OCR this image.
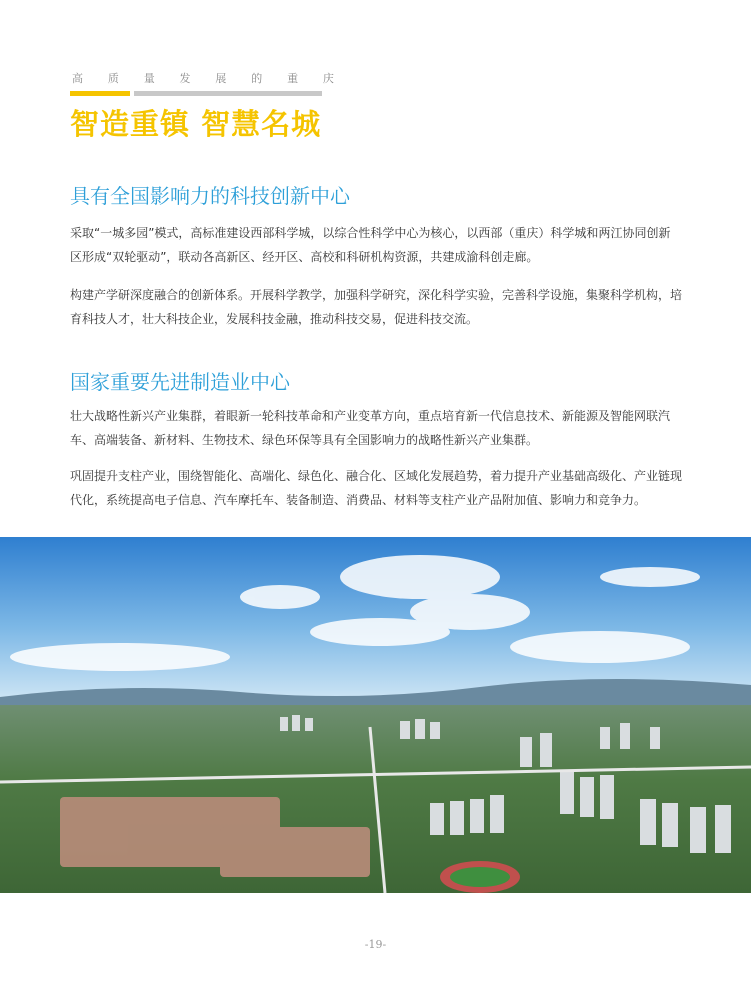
高 质 量 发 展 的 重 庆
智造重镇 智慧名城
具有全国影响力的科技创新中心
采取“一城多园”模式，高标准建设西部科学城，以综合性科学中心为核心，以西部（重庆）科学城和两江协同创新区形成“双轮驱动”，联动各高新区、经开区、高校和科研机构资源，共建成渝科创走廊。
构建产学研深度融合的创新体系。开展科学教学，加强科学研究，深化科学实验，完善科学设施，集聚科学机构，培育科技人才，壮大科技企业，发展科技金融，推动科技交易，促进科技交流。
国家重要先进制造业中心
壮大战略性新兴产业集群，着眼新一轮科技革命和产业变革方向，重点培育新一代信息技术、新能源及智能网联汽车、高端装备、新材料、生物技术、绿色环保等具有全国影响力的战略性新兴产业集群。
巩固提升支柱产业，围绕智能化、高端化、绿色化、融合化、区域化发展趋势，着力提升产业基础高级化、产业链现代化，系统提高电子信息、汽车摩托车、装备制造、消费品、材料等支柱产业产品附加值、影响力和竞争力。
-19-
